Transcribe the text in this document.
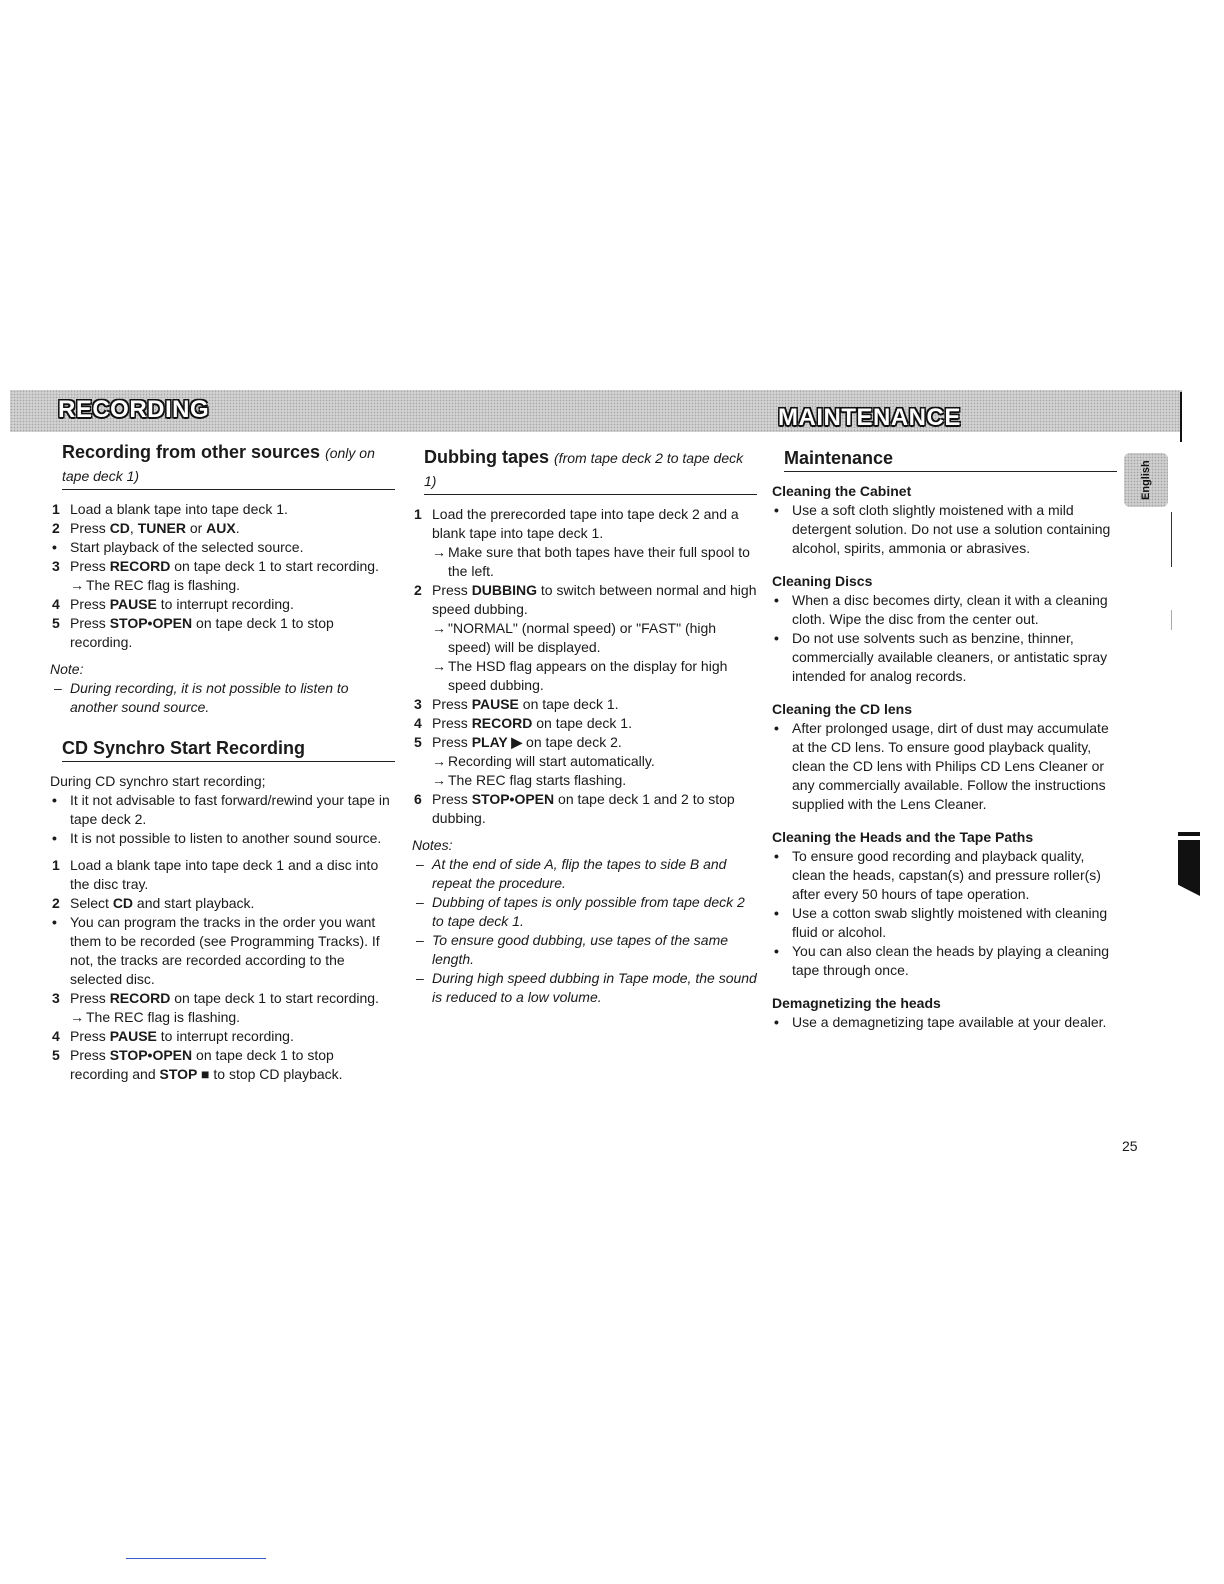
RECORDING	MAINTENANCE
Recording from other sources (only on tape deck 1)
1 Load a blank tape into tape deck 1.
2 Press CD, TUNER or AUX.
• Start playback of the selected source.
3 Press RECORD on tape deck 1 to start recording.
→ The REC flag is flashing.
4 Press PAUSE to interrupt recording.
5 Press STOP•OPEN on tape deck 1 to stop recording.
Note:
– During recording, it is not possible to listen to another sound source.
CD Synchro Start Recording
During CD synchro start recording;
• It it not advisable to fast forward/rewind your tape in tape deck 2.
• It is not possible to listen to another sound source.
1 Load a blank tape into tape deck 1 and a disc into the disc tray.
2 Select CD and start playback.
• You can program the tracks in the order you want them to be recorded (see Programming Tracks). If not, the tracks are recorded according to the selected disc.
3 Press RECORD on tape deck 1 to start recording.
→ The REC flag is flashing.
4 Press PAUSE to interrupt recording.
5 Press STOP•OPEN on tape deck 1 to stop recording and STOP ■ to stop CD playback.
Dubbing tapes (from tape deck 2 to tape deck 1)
1 Load the prerecorded tape into tape deck 2 and a blank tape into tape deck 1.
→ Make sure that both tapes have their full spool to the left.
2 Press DUBBING to switch between normal and high speed dubbing.
→ "NORMAL" (normal speed) or "FAST" (high speed) will be displayed.
→ The HSD flag appears on the display for high speed dubbing.
3 Press PAUSE on tape deck 1.
4 Press RECORD on tape deck 1.
5 Press PLAY ▶ on tape deck 2.
→ Recording will start automatically.
→ The REC flag starts flashing.
6 Press STOP•OPEN on tape deck 1 and 2 to stop dubbing.
Notes:
– At the end of side A, flip the tapes to side B and repeat the procedure.
– Dubbing of tapes is only possible from tape deck 2 to tape deck 1.
– To ensure good dubbing, use tapes of the same length.
– During high speed dubbing in Tape mode, the sound is reduced to a low volume.
Maintenance
Cleaning the Cabinet
• Use a soft cloth slightly moistened with a mild detergent solution. Do not use a solution containing alcohol, spirits, ammonia or abrasives.
Cleaning Discs
• When a disc becomes dirty, clean it with a cleaning cloth. Wipe the disc from the center out.
• Do not use solvents such as benzine, thinner, commercially available cleaners, or antistatic spray intended for analog records.
Cleaning the CD lens
• After prolonged usage, dirt of dust may accumulate at the CD lens. To ensure good playback quality, clean the CD lens with Philips CD Lens Cleaner or any commercially available. Follow the instructions supplied with the Lens Cleaner.
Cleaning the Heads and the Tape Paths
• To ensure good recording and playback quality, clean the heads, capstan(s) and pressure roller(s) after every 50 hours of tape operation.
• Use a cotton swab slightly moistened with cleaning fluid or alcohol.
• You can also clean the heads by playing a cleaning tape through once.
Demagnetizing the heads
• Use a demagnetizing tape available at your dealer.
English
25
